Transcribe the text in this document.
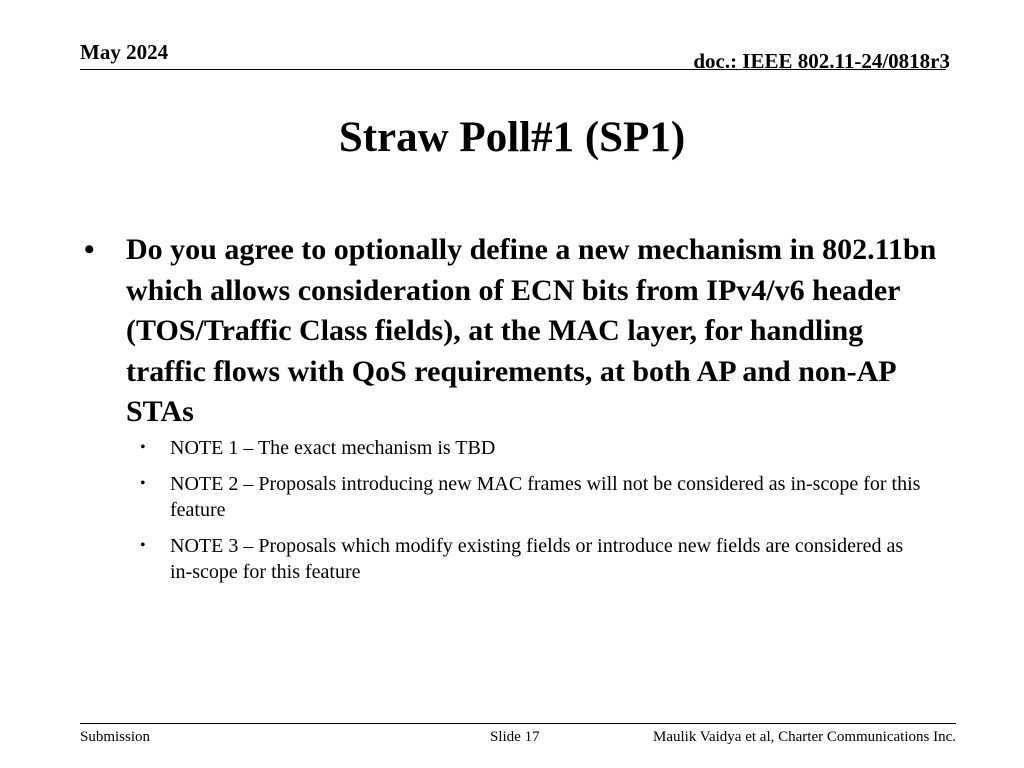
May 2024	doc.: IEEE 802.11-24/0818r3
Straw Poll#1 (SP1)
• Do you agree to optionally define a new mechanism in 802.11bn which allows consideration of ECN bits from IPv4/v6 header (TOS/Traffic Class fields), at the MAC layer, for handling traffic flows with QoS requirements, at both AP and non-AP STAs
• NOTE 1 – The exact mechanism is TBD
• NOTE 2 – Proposals introducing new MAC frames will not be considered as in-scope for this feature
• NOTE 3 – Proposals which modify existing fields or introduce new fields are considered as in-scope for this feature
Submission	Slide 17	Maulik Vaidya et al, Charter Communications Inc.
